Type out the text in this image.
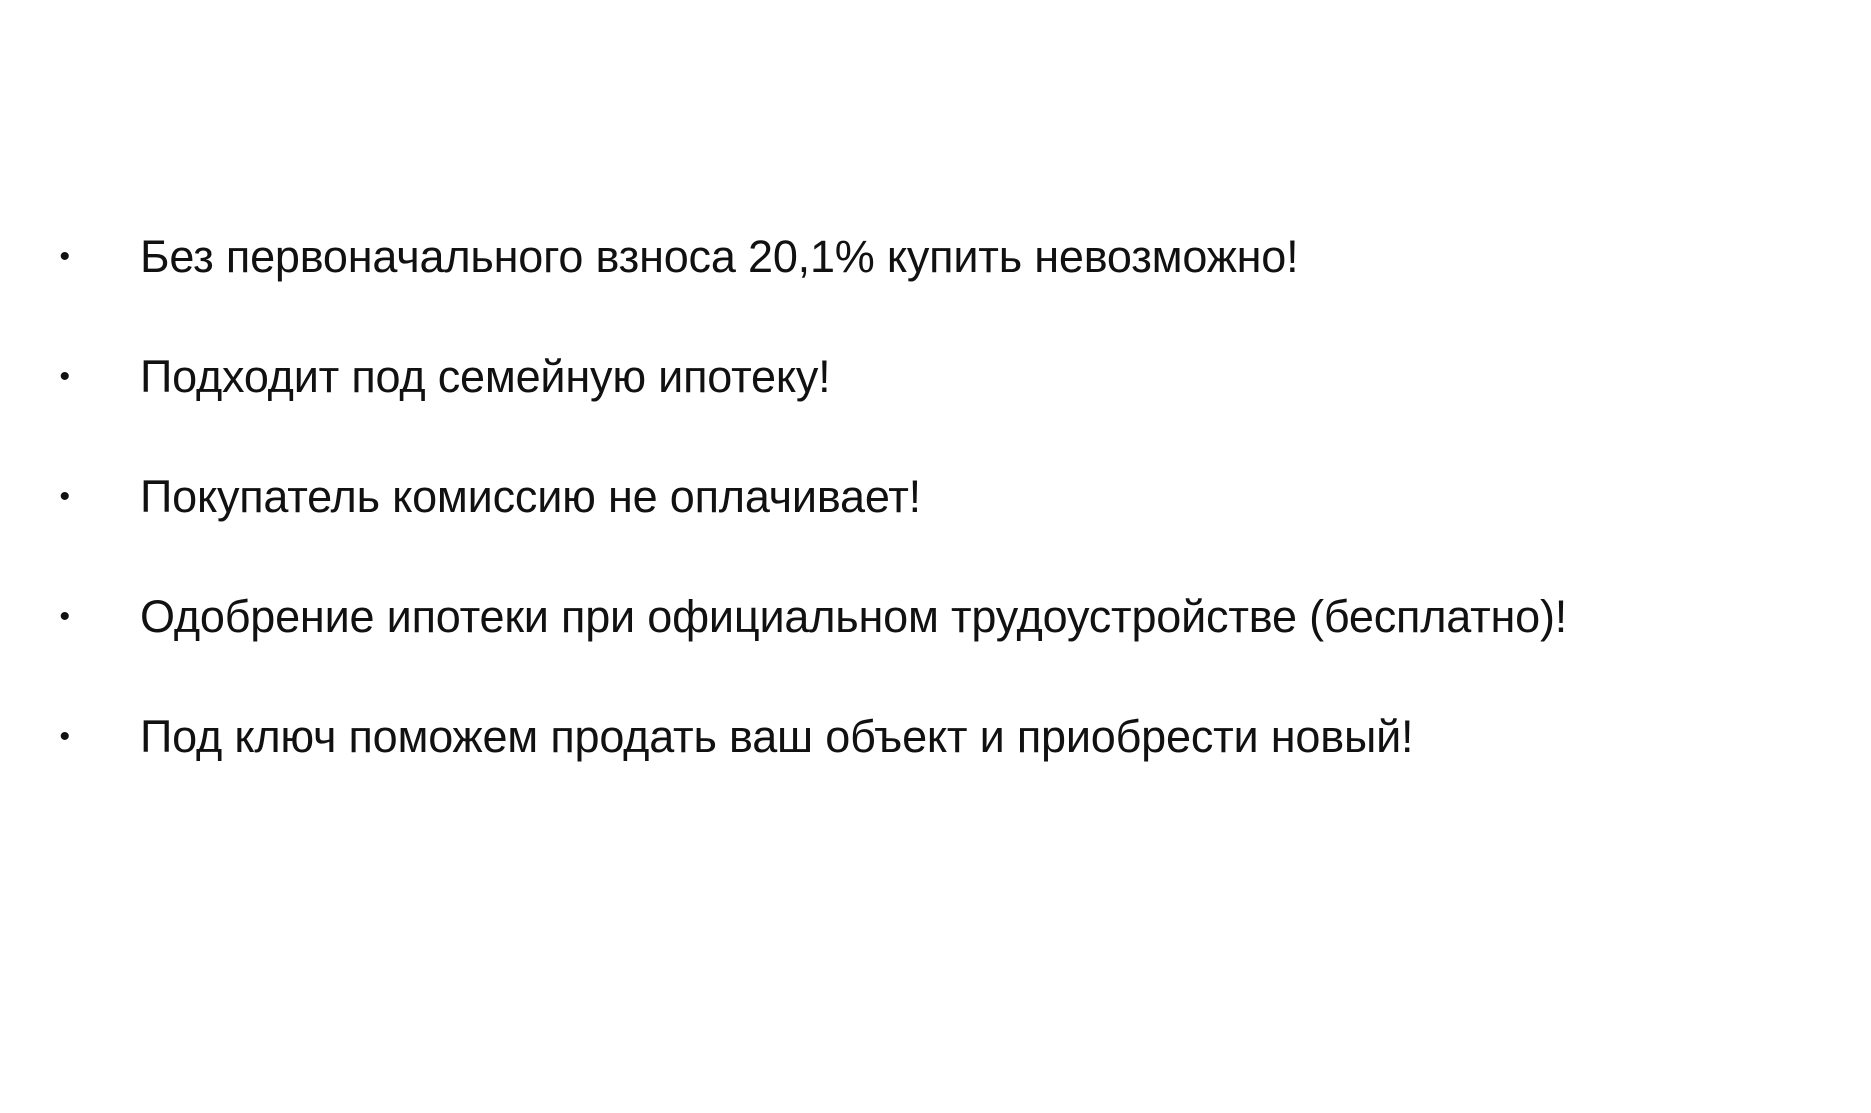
•	Без первоначального взноса 20,1% купить невозможно!
•	Подходит под семейную ипотеку!
•	Покупатель комиссию не оплачивает!
•	Одобрение ипотеки при официальном трудоустройстве (бесплатно)!
•	Под ключ поможем продать ваш объект и приобрести новый!
